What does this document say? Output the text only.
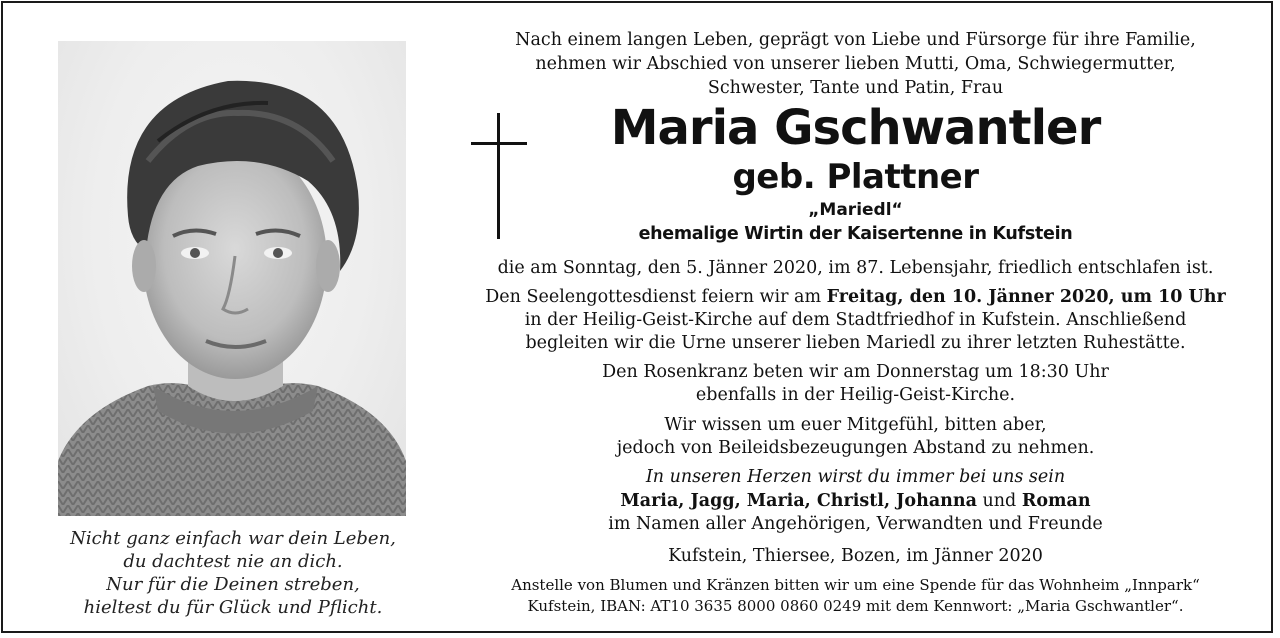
Nicht ganz einfach war dein Leben,
du dachtest nie an dich.
Nur für die Deinen streben,
hieltest du für Glück und Pflicht.
Nach einem langen Leben, geprägt von Liebe und Fürsorge für ihre Familie,
nehmen wir Abschied von unserer lieben Mutti, Oma, Schwiegermutter,
Schwester, Tante und Patin, Frau
Maria Gschwantler
geb. Plattner
„Mariedl“
ehemalige Wirtin der Kaisertenne in Kufstein
die am Sonntag, den 5. Jänner 2020, im 87. Lebensjahr, friedlich entschlafen ist.
Den Seelengottesdienst feiern wir am Freitag, den 10. Jänner 2020, um 10 Uhr
in der Heilig-Geist-Kirche auf dem Stadtfriedhof in Kufstein. Anschließend
begleiten wir die Urne unserer lieben Mariedl zu ihrer letzten Ruhestätte.
Den Rosenkranz beten wir am Donnerstag um 18:30 Uhr
ebenfalls in der Heilig-Geist-Kirche.
Wir wissen um euer Mitgefühl, bitten aber,
jedoch von Beileidsbezeugungen Abstand zu nehmen.
In unseren Herzen wirst du immer bei uns sein
Maria, Jagg, Maria, Christl, Johanna und Roman
im Namen aller Angehörigen, Verwandten und Freunde
Kufstein, Thiersee, Bozen, im Jänner 2020
Anstelle von Blumen und Kränzen bitten wir um eine Spende für das Wohnheim „Innpark“
Kufstein, IBAN: AT10 3635 8000 0860 0249 mit dem Kennwort: „Maria Gschwantler“.
